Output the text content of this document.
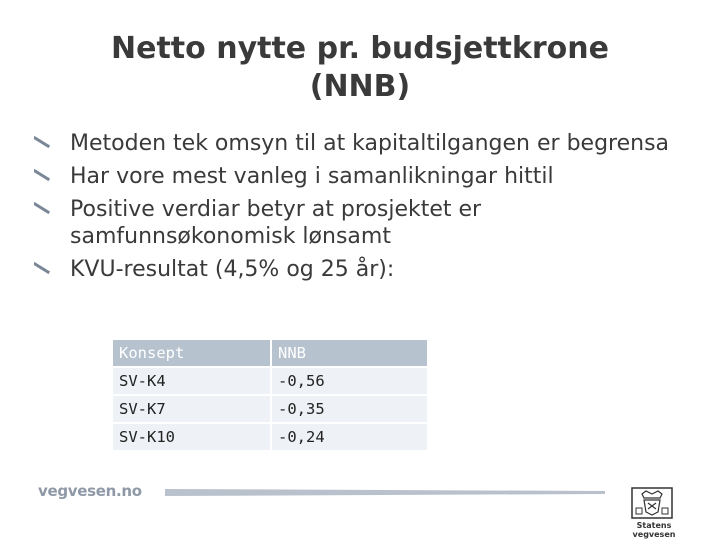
Netto nytte pr. budsjettkrone
(NNB)
Metoden tek omsyn til at kapitaltilgangen er begrensa
Har vore mest vanleg i samanlikningar hittil
Positive verdiar betyr at prosjektet er samfunnsøkonomisk lønsamt
KVU-resultat (4,5% og 25 år):
Konsept	NNB
SV-K4	-0,56
SV-K7	-0,35
SV-K10	-0,24
vegvesen.no
Statens vegvesen
